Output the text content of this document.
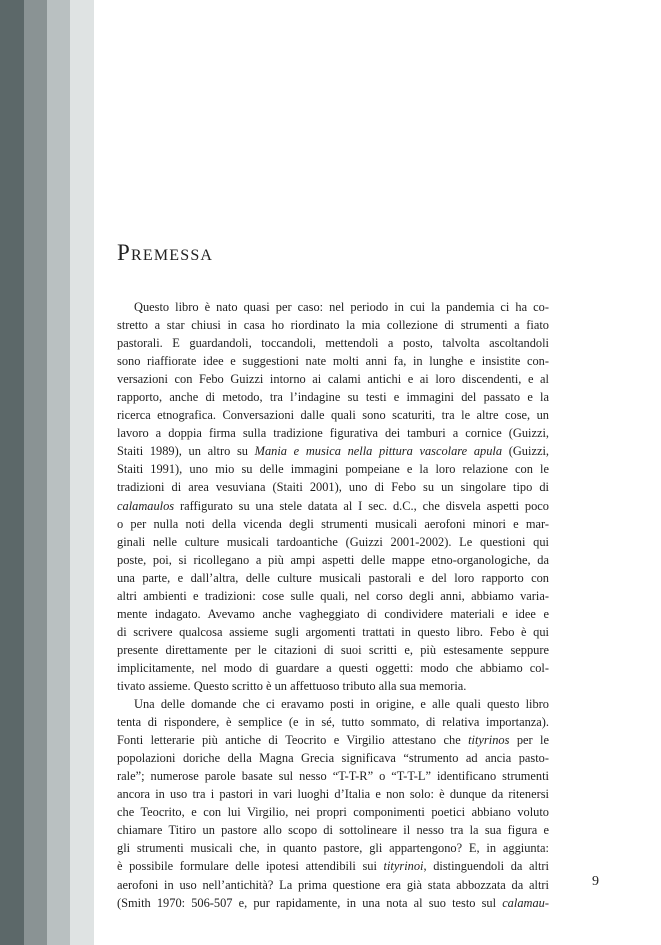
Premessa
Questo libro è nato quasi per caso: nel periodo in cui la pandemia ci ha co-
stretto a star chiusi in casa ho riordinato la mia collezione di strumenti a fiato
pastorali. E guardandoli, toccandoli, mettendoli a posto, talvolta ascoltandoli
sono riaffiorate idee e suggestioni nate molti anni fa, in lunghe e insistite con-
versazioni con Febo Guizzi intorno ai calami antichi e ai loro discendenti, e al
rapporto, anche di metodo, tra l’indagine su testi e immagini del passato e la
ricerca etnografica. Conversazioni dalle quali sono scaturiti, tra le altre cose, un
lavoro a doppia firma sulla tradizione figurativa dei tamburi a cornice (Guizzi,
Staiti 1989), un altro su Mania e musica nella pittura vascolare apula (Guizzi,
Staiti 1991), uno mio su delle immagini pompeiane e la loro relazione con le
tradizioni di area vesuviana (Staiti 2001), uno di Febo su un singolare tipo di
calamaulos raffigurato su una stele datata al I sec. d.C., che disvela aspetti poco
o per nulla noti della vicenda degli strumenti musicali aerofoni minori e mar-
ginali nelle culture musicali tardoantiche (Guizzi 2001-2002). Le questioni qui
poste, poi, si ricollegano a più ampi aspetti delle mappe etno-organologiche, da
una parte, e dall’altra, delle culture musicali pastorali e del loro rapporto con
altri ambienti e tradizioni: cose sulle quali, nel corso degli anni, abbiamo varia-
mente indagato. Avevamo anche vagheggiato di condividere materiali e idee e
di scrivere qualcosa assieme sugli argomenti trattati in questo libro. Febo è qui
presente direttamente per le citazioni di suoi scritti e, più estesamente seppure
implicitamente, nel modo di guardare a questi oggetti: modo che abbiamo col-
tivato assieme. Questo scritto è un affettuoso tributo alla sua memoria.
Una delle domande che ci eravamo posti in origine, e alle quali questo libro
tenta di rispondere, è semplice (e in sé, tutto sommato, di relativa importanza).
Fonti letterarie più antiche di Teocrito e Virgilio attestano che tityrinos per le
popolazioni doriche della Magna Grecia significava “strumento ad ancia pasto-
rale”; numerose parole basate sul nesso “T-T-R” o “T-T-L” identificano strumenti
ancora in uso tra i pastori in vari luoghi d’Italia e non solo: è dunque da ritenersi
che Teocrito, e con lui Virgilio, nei propri componimenti poetici abbiano voluto
chiamare Titiro un pastore allo scopo di sottolineare il nesso tra la sua figura e
gli strumenti musicali che, in quanto pastore, gli appartengono? E, in aggiunta:
è possibile formulare delle ipotesi attendibili sui tityrinoi, distinguendoli da altri
aerofoni in uso nell’antichità? La prima questione era già stata abbozzata da altri
(Smith 1970: 506-507 e, pur rapidamente, in una nota al suo testo sul calamau-
9
